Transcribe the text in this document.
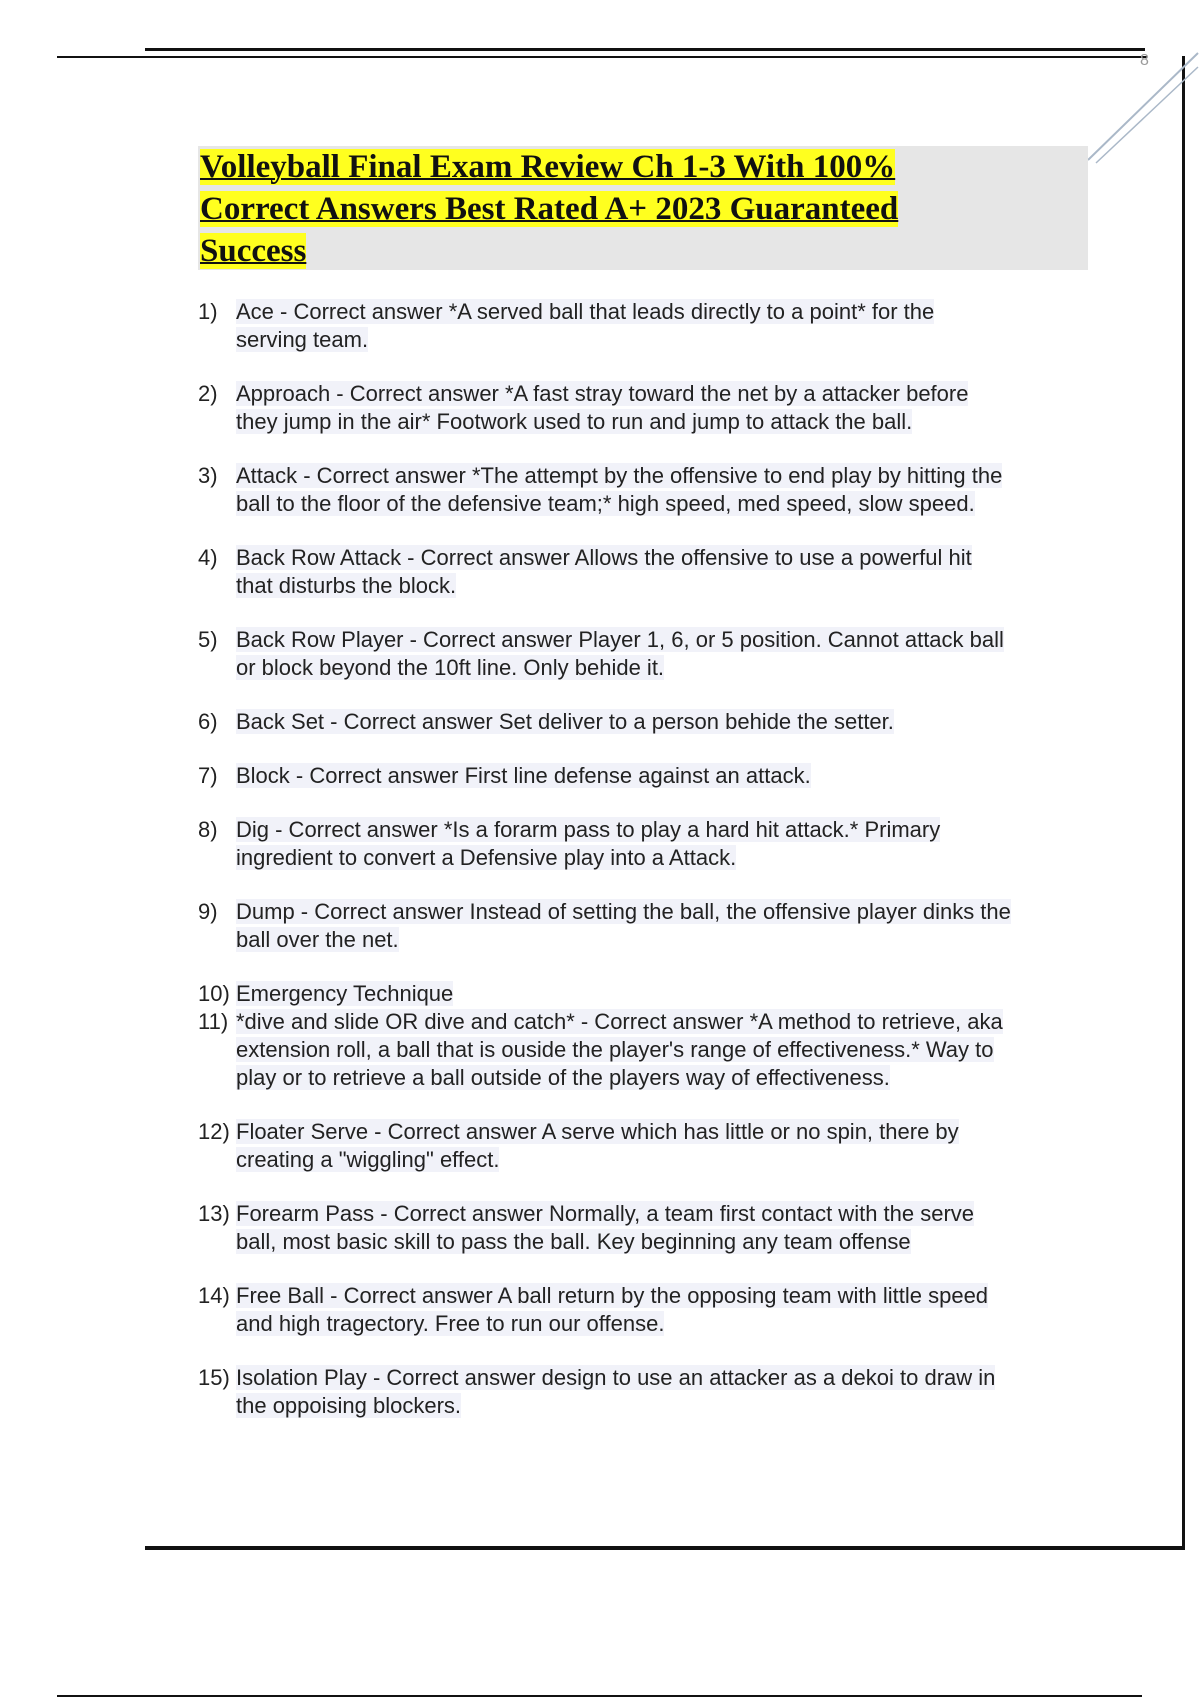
8
Volleyball Final Exam Review Ch 1-3 With 100%
Correct Answers Best Rated A+ 2023 Guaranteed
Success
1) Ace - Correct answer *A served ball that leads directly to a point* for the
serving team.
2) Approach - Correct answer *A fast stray toward the net by a attacker before
they jump in the air* Footwork used to run and jump to attack the ball.
3) Attack - Correct answer *The attempt by the offensive to end play by hitting the
ball to the floor of the defensive team;* high speed, med speed, slow speed.
4) Back Row Attack - Correct answer Allows the offensive to use a powerful hit
that disturbs the block.
5) Back Row Player - Correct answer Player 1, 6, or 5 position. Cannot attack ball
or block beyond the 10ft line. Only behide it.
6) Back Set - Correct answer Set deliver to a person behide the setter.
7) Block - Correct answer First line defense against an attack.
8) Dig - Correct answer *Is a forarm pass to play a hard hit attack.* Primary
ingredient to convert a Defensive play into a Attack.
9) Dump - Correct answer Instead of setting the ball, the offensive player dinks the
ball over the net.
10) Emergency Technique
11) *dive and slide OR dive and catch* - Correct answer *A method to retrieve, aka
extension roll, a ball that is ouside the player's range of effectiveness.* Way to
play or to retrieve a ball outside of the players way of effectiveness.
12) Floater Serve - Correct answer A serve which has little or no spin, there by
creating a "wiggling" effect.
13) Forearm Pass - Correct answer Normally, a team first contact with the serve
ball, most basic skill to pass the ball. Key beginning any team offense
14) Free Ball - Correct answer A ball return by the opposing team with little speed
and high tragectory. Free to run our offense.
15) Isolation Play - Correct answer design to use an attacker as a dekoi to draw in
the oppoising blockers.
